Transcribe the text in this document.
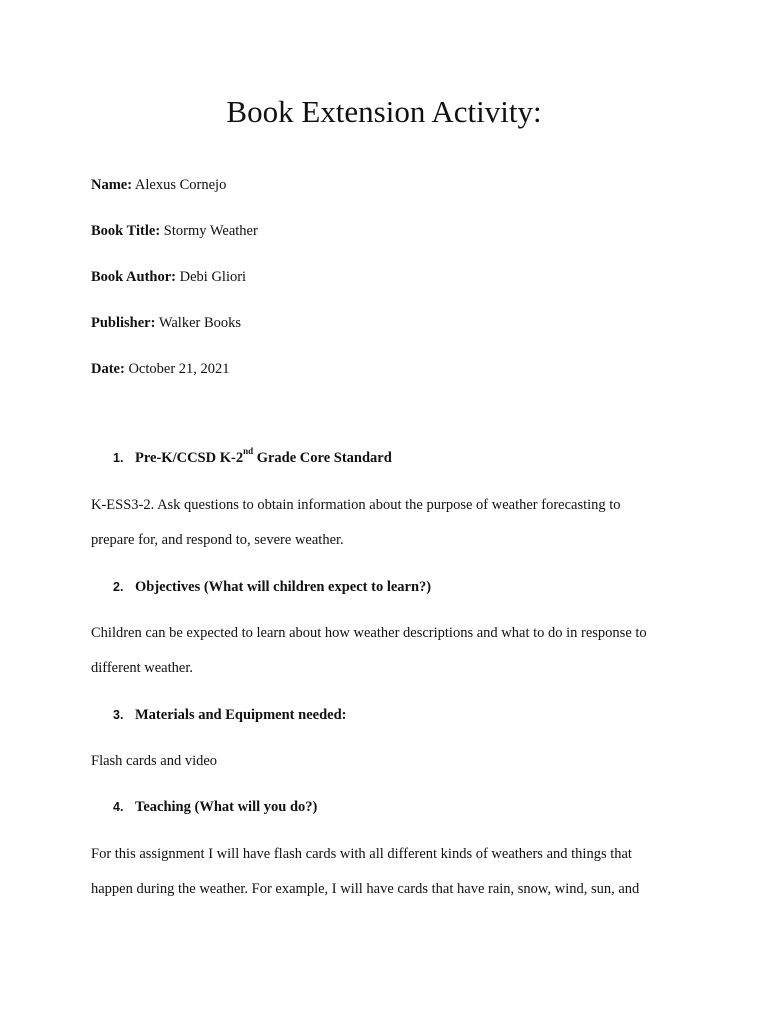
Book Extension Activity:
Name: Alexus Cornejo
Book Title: Stormy Weather
Book Author: Debi Gliori
Publisher: Walker Books
Date: October 21, 2021
1. Pre-K/CCSD K-2nd Grade Core Standard
K-ESS3-2. Ask questions to obtain information about the purpose of weather forecasting to
prepare for, and respond to, severe weather.
2. Objectives (What will children expect to learn?)
Children can be expected to learn about how weather descriptions and what to do in response to
different weather.
3. Materials and Equipment needed:
Flash cards and video
4. Teaching (What will you do?)
For this assignment I will have flash cards with all different kinds of weathers and things that
happen during the weather. For example, I will have cards that have rain, snow, wind, sun, and
